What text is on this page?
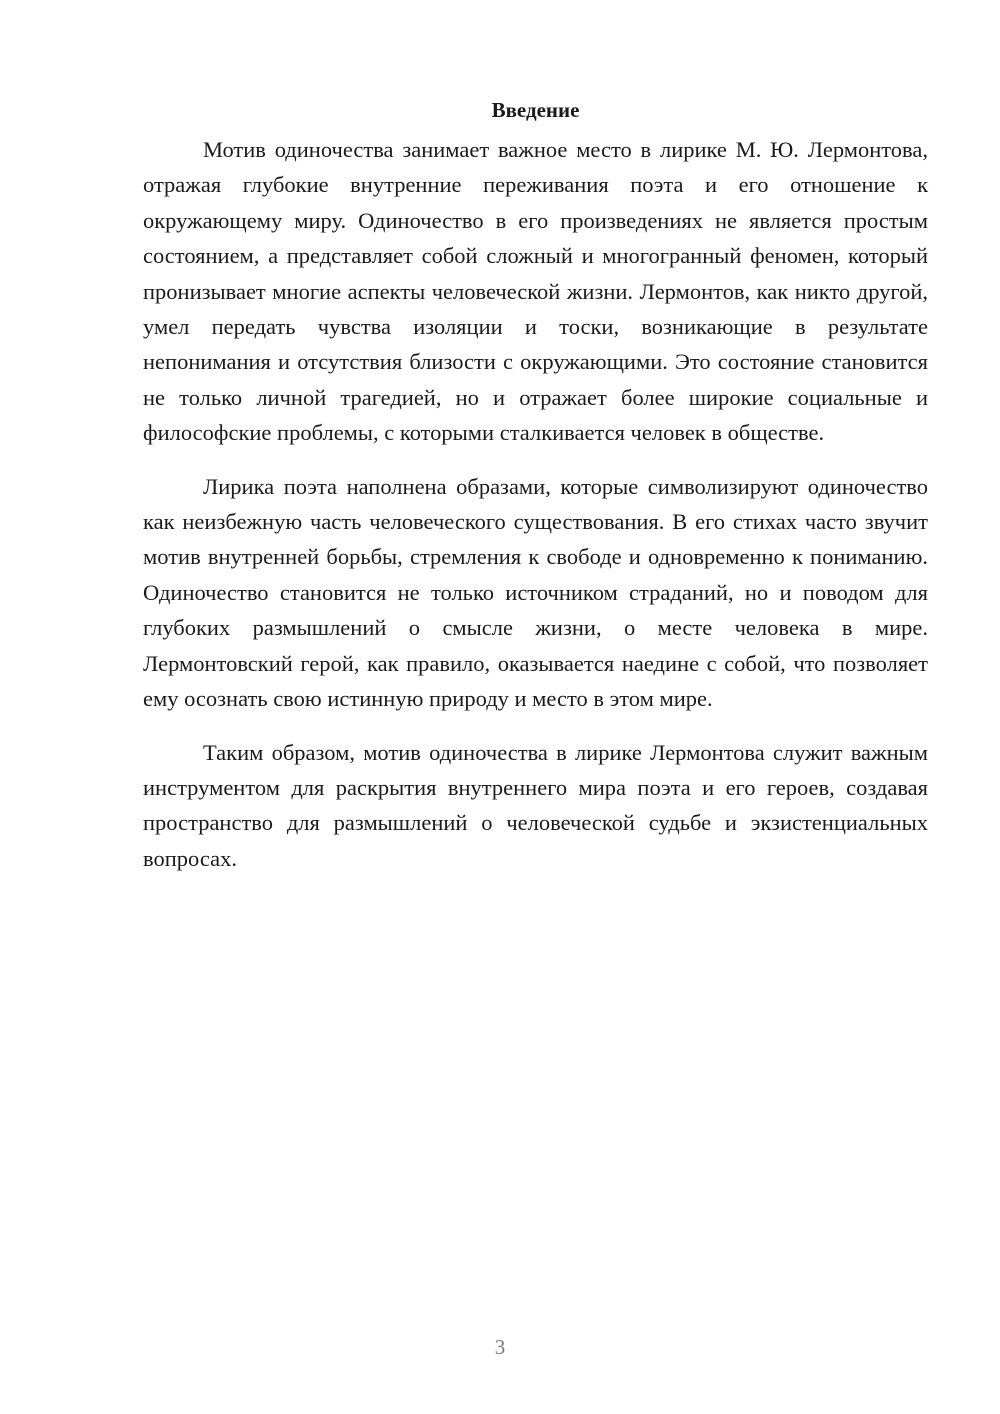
Введение

Мотив одиночества занимает важное место в лирике М. Ю. Лермонтова, отражая глубокие внутренние переживания поэта и его отношение к окружающему миру. Одиночество в его произведениях не является простым состоянием, а представляет собой сложный и многогранный феномен, который пронизывает многие аспекты человеческой жизни. Лермонтов, как никто другой, умел передать чувства изоляции и тоски, возникающие в результате непонимания и отсутствия близости с окружающими. Это состояние становится не только личной трагедией, но и отражает более широкие социальные и философские проблемы, с которыми сталкивается человек в обществе.

Лирика поэта наполнена образами, которые символизируют одиночество как неизбежную часть человеческого существования. В его стихах часто звучит мотив внутренней борьбы, стремления к свободе и одновременно к пониманию. Одиночество становится не только источником страданий, но и поводом для глубоких размышлений о смысле жизни, о месте человека в мире. Лермонтовский герой, как правило, оказывается наедине с собой, что позволяет ему осознать свою истинную природу и место в этом мире.

Таким образом, мотив одиночества в лирике Лермонтова служит важным инструментом для раскрытия внутреннего мира поэта и его героев, создавая пространство для размышлений о человеческой судьбе и экзистенциальных вопросах.

3
